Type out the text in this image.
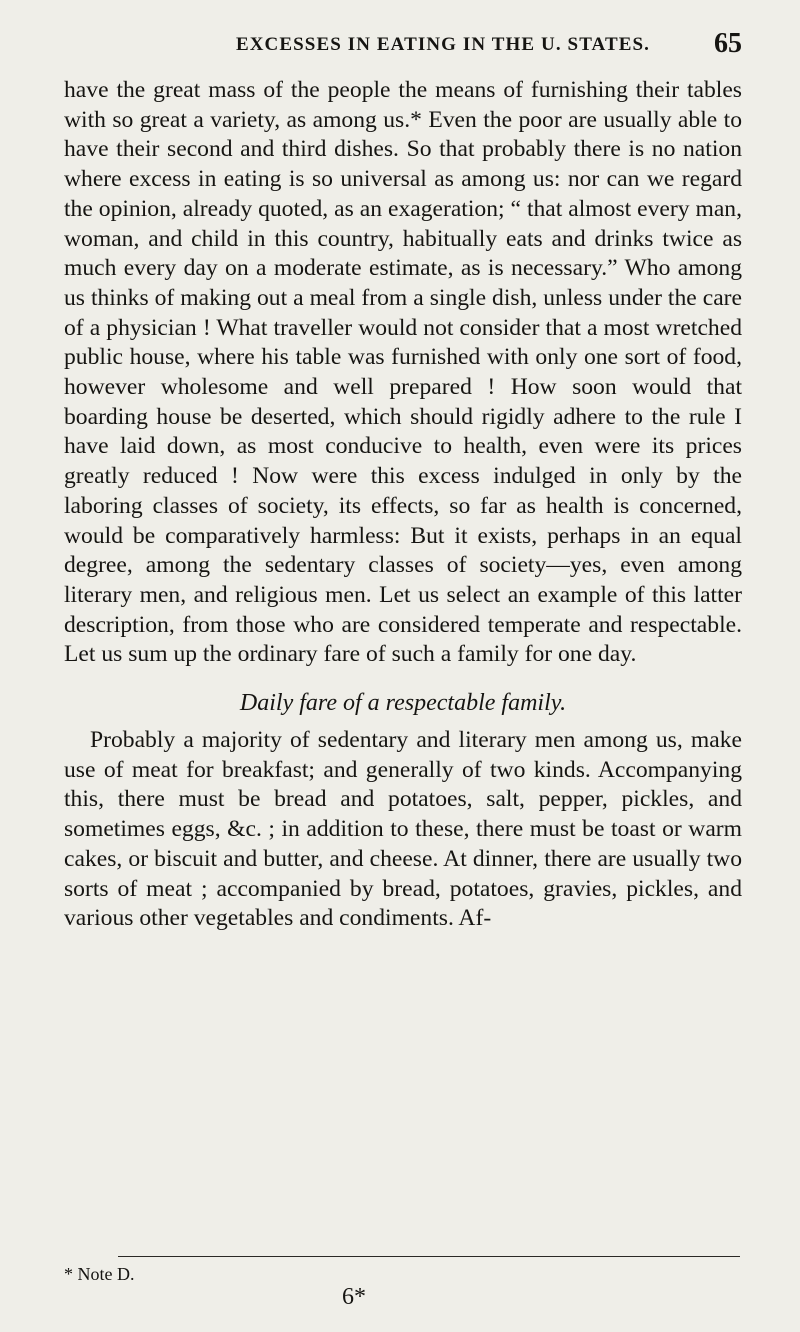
EXCESSES IN EATING IN THE U. STATES.	65

have the great mass of the people the means of furnishing their tables with so great a variety, as among us.* Even the poor are usually able to have their second and third dishes. So that probably there is no nation where excess in eating is so universal as among us: nor can we regard the opinion, already quoted, as an exageration; “ that almost every man, woman, and child in this country, habitually eats and drinks twice as much every day on a moderate estimate, as is necessary.” Who among us thinks of making out a meal from a single dish, unless under the care of a physician ! What traveller would not consider that a most wretched public house, where his table was furnished with only one sort of food, however wholesome and well prepared ! How soon would that boarding house be deserted, which should rigidly adhere to the rule I have laid down, as most conducive to health, even were its prices greatly reduced ! Now were this excess indulged in only by the laboring classes of society, its effects, so far as health is concerned, would be comparatively harmless: But it exists, perhaps in an equal degree, among the sedentary classes of society—yes, even among literary men, and religious men. Let us select an example of this latter description, from those who are considered temperate and respectable. Let us sum up the ordinary fare of such a family for one day.

Daily fare of a respectable family.

Probably a majority of sedentary and literary men among us, make use of meat for breakfast; and generally of two kinds. Accompanying this, there must be bread and potatoes, salt, pepper, pickles, and sometimes eggs, &c. ; in addition to these, there must be toast or warm cakes, or biscuit and butter, and cheese. At dinner, there are usually two sorts of meat ; accompanied by bread, potatoes, gravies, pickles, and various other vegetables and condiments. Af-

* Note D.
6*
